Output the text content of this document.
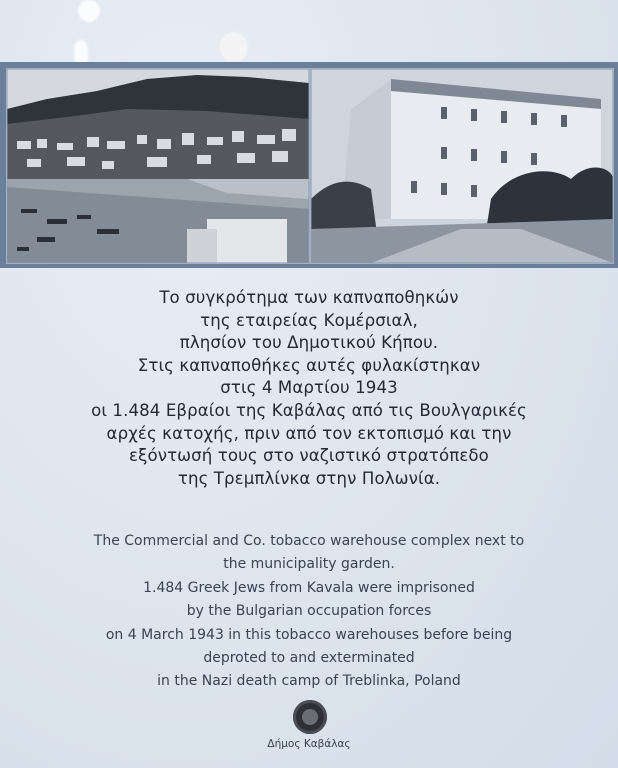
Το συγκρότημα των καπναποθηκών
της εταιρείας Κομέρσιαλ,
πλησίον του Δημοτικού Κήπου.
Στις καπναποθήκες αυτές φυλακίστηκαν
στις 4 Μαρτίου 1943
οι 1.484 Εβραίοι της Καβάλας από τις Βουλγαρικές
αρχές κατοχής, πριν από τον εκτοπισμό και την
εξόντωσή τους στο ναζιστικό στρατόπεδο
της Τρεμπλίνκα στην Πολωνία.
The Commercial and Co. tobacco warehouse complex next to
the municipality garden.
1.484 Greek Jews from Kavala were imprisoned
by the Bulgarian occupation forces
on 4 March 1943 in this tobacco warehouses before being
deproted to and exterminated
in the Nazi death camp of Treblinka, Poland
Δήμος Καβάλας
